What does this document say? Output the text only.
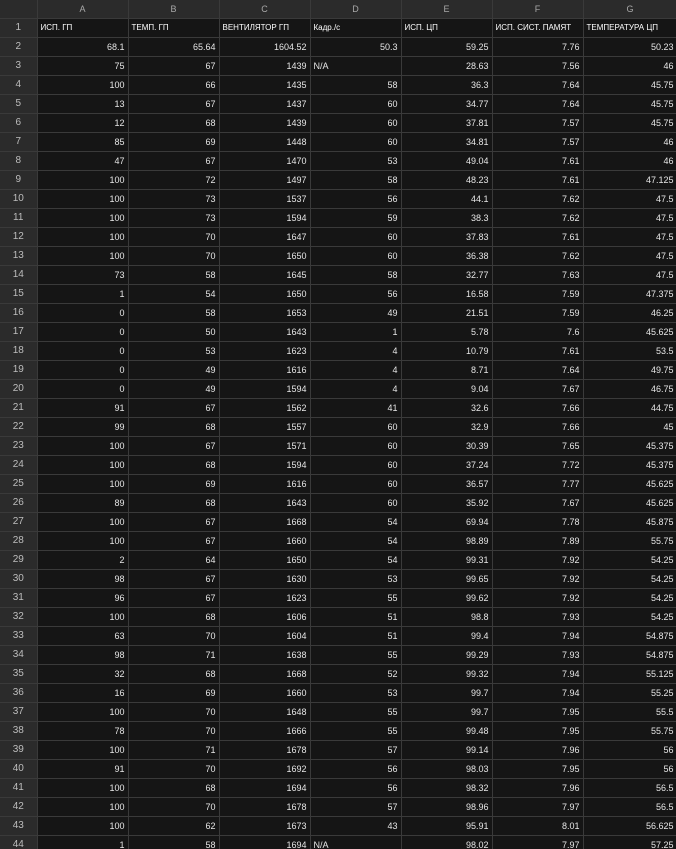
	A	B	C	D	E	F	G
1	ИСП. ГП	ТЕМП. ГП	ВЕНТИЛЯТОР ГП	Кадр./с	ИСП. ЦП	ИСП. СИСТ. ПАМЯТ	ТЕМПЕРАТУРА ЦП
2	68.1	65.64	1604.52	50.3	59.25	7.76	50.23
3	75	67	1439	N/A	28.63	7.56	46
4	100	66	1435	58	36.3	7.64	45.75
5	13	67	1437	60	34.77	7.64	45.75
6	12	68	1439	60	37.81	7.57	45.75
7	85	69	1448	60	34.81	7.57	46
8	47	67	1470	53	49.04	7.61	46
9	100	72	1497	58	48.23	7.61	47.125
10	100	73	1537	56	44.1	7.62	47.5
11	100	73	1594	59	38.3	7.62	47.5
12	100	70	1647	60	37.83	7.61	47.5
13	100	70	1650	60	36.38	7.62	47.5
14	73	58	1645	58	32.77	7.63	47.5
15	1	54	1650	56	16.58	7.59	47.375
16	0	58	1653	49	21.51	7.59	46.25
17	0	50	1643	1	5.78	7.6	45.625
18	0	53	1623	4	10.79	7.61	53.5
19	0	49	1616	4	8.71	7.64	49.75
20	0	49	1594	4	9.04	7.67	46.75
21	91	67	1562	41	32.6	7.66	44.75
22	99	68	1557	60	32.9	7.66	45
23	100	67	1571	60	30.39	7.65	45.375
24	100	68	1594	60	37.24	7.72	45.375
25	100	69	1616	60	36.57	7.77	45.625
26	89	68	1643	60	35.92	7.67	45.625
27	100	67	1668	54	69.94	7.78	45.875
28	100	67	1660	54	98.89	7.89	55.75
29	2	64	1650	54	99.31	7.92	54.25
30	98	67	1630	53	99.65	7.92	54.25
31	96	67	1623	55	99.62	7.92	54.25
32	100	68	1606	51	98.8	7.93	54.25
33	63	70	1604	51	99.4	7.94	54.875
34	98	71	1638	55	99.29	7.93	54.875
35	32	68	1668	52	99.32	7.94	55.125
36	16	69	1660	53	99.7	7.94	55.25
37	100	70	1648	55	99.7	7.95	55.5
38	78	70	1666	55	99.48	7.95	55.75
39	100	71	1678	57	99.14	7.96	56
40	91	70	1692	56	98.03	7.95	56
41	100	68	1694	56	98.32	7.96	56.5
42	100	70	1678	57	98.96	7.97	56.5
43	100	62	1673	43	95.91	8.01	56.625
44	1	58	1694	N/A	98.02	7.97	57.25
